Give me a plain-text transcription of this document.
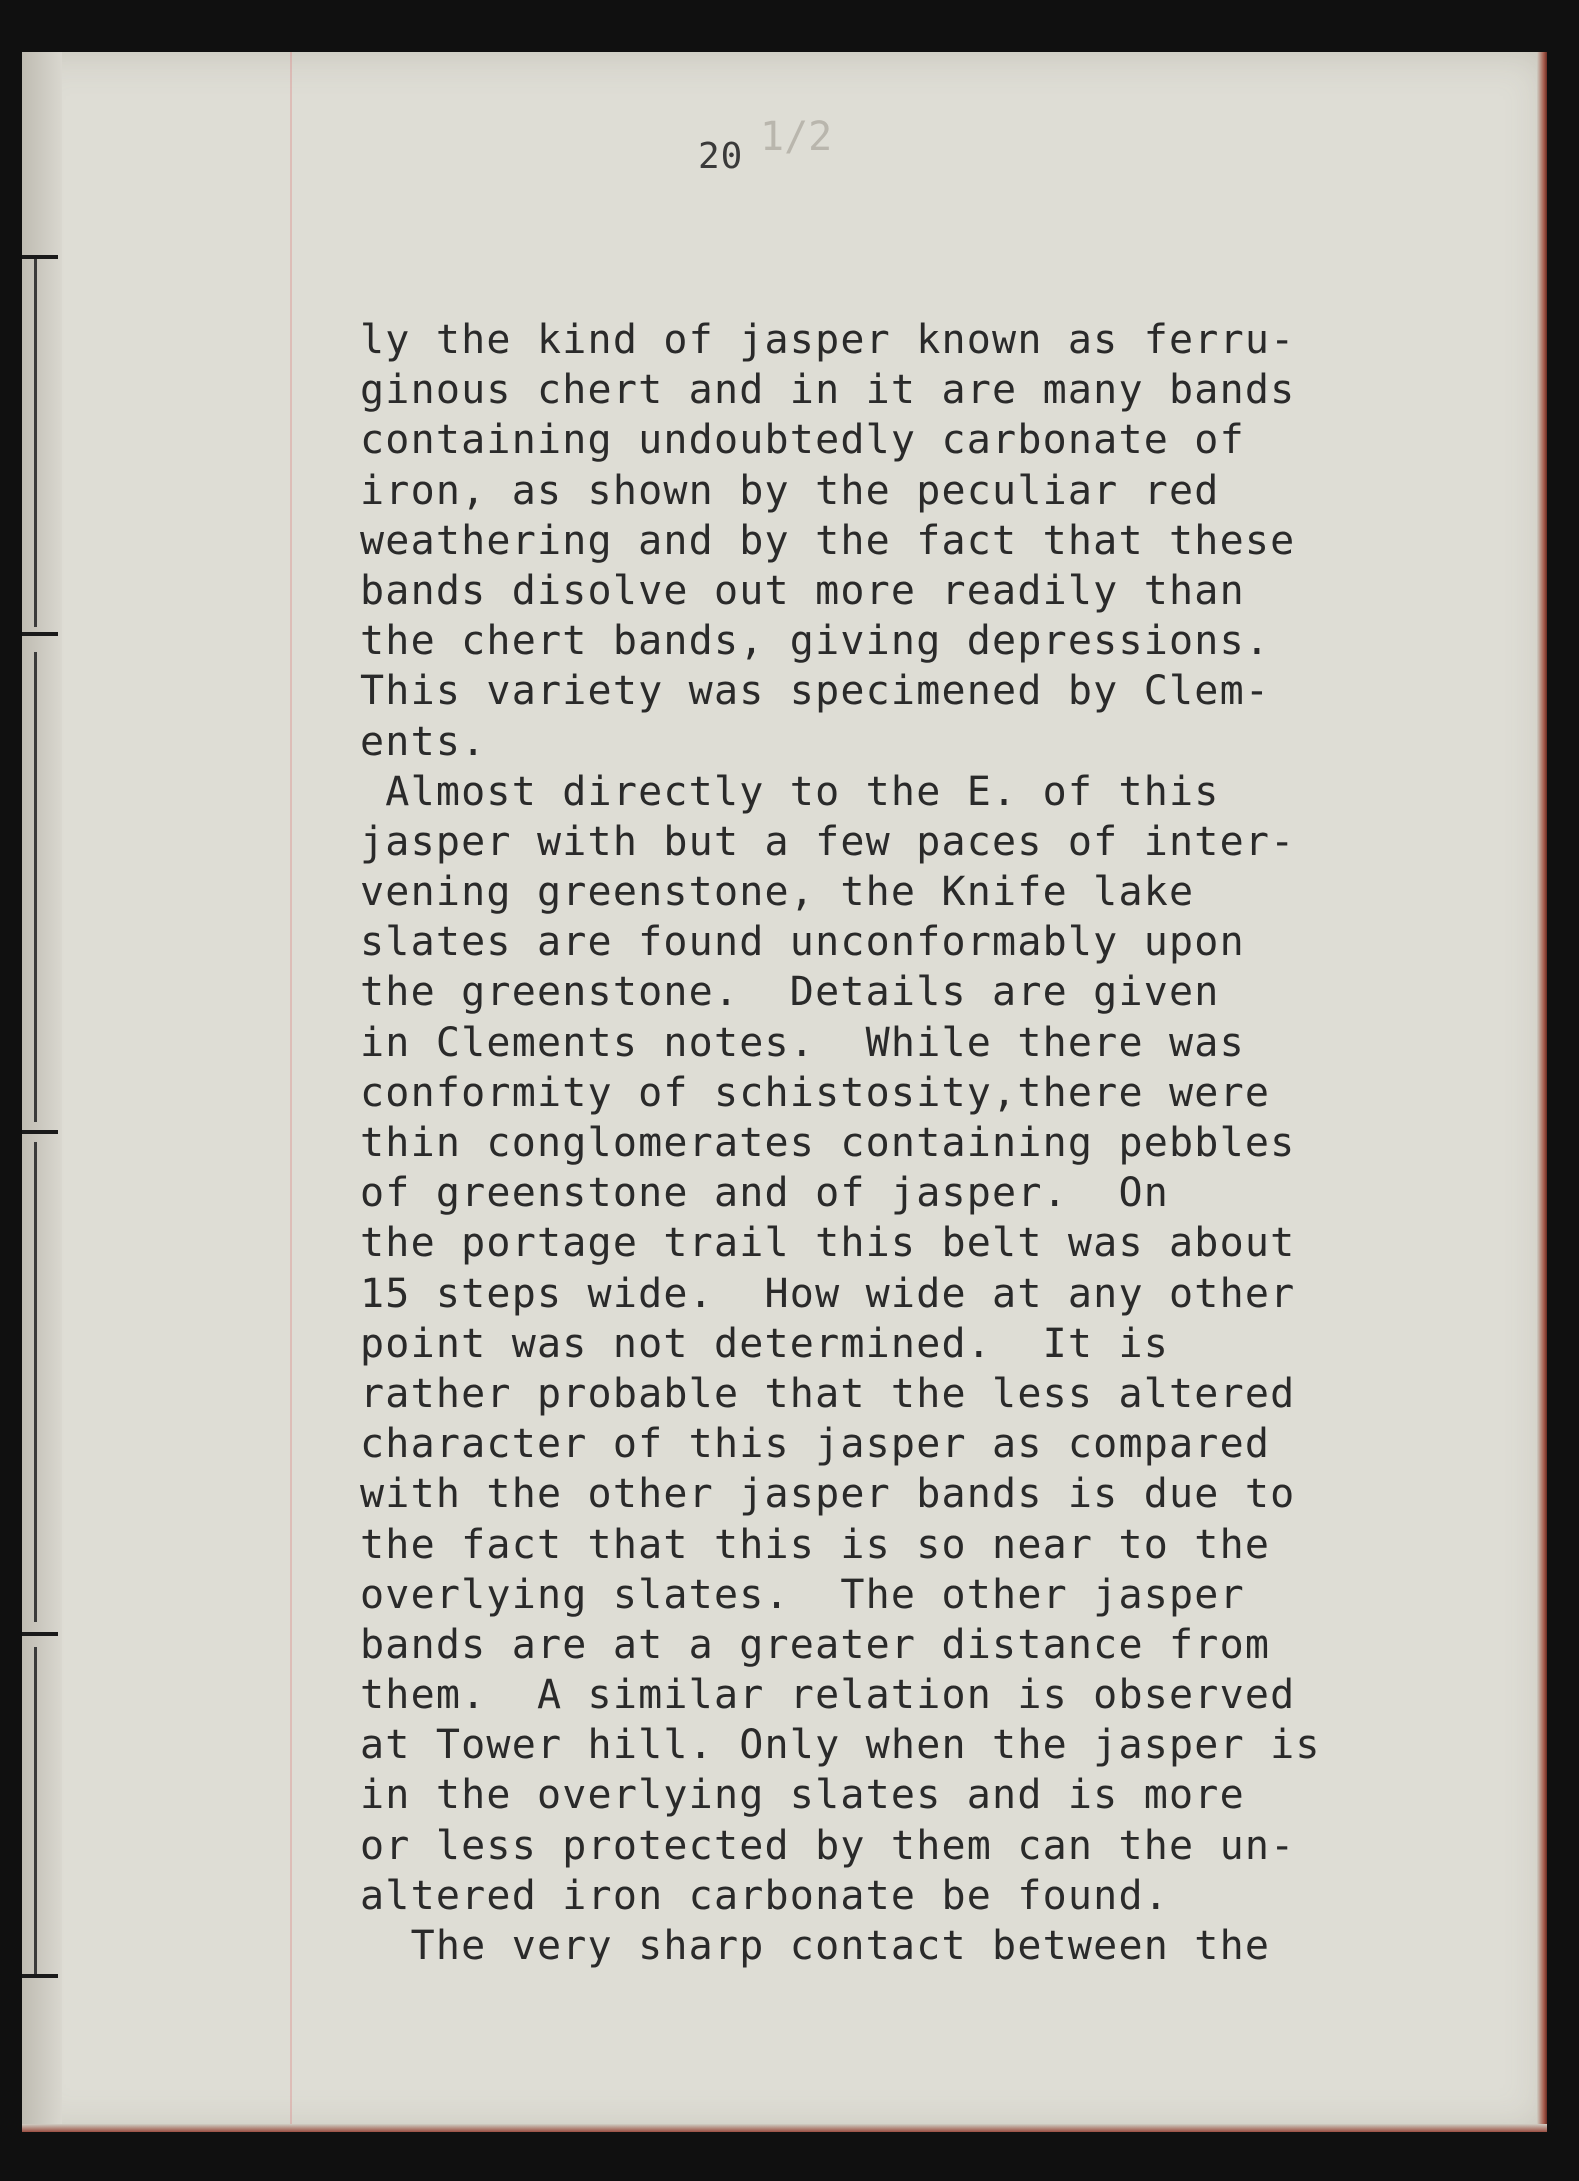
20 1/2
ly the kind of jasper known as ferru-
ginous chert and in it are many bands
containing undoubtedly carbonate of
iron, as shown by the peculiar red
weathering and by the fact that these
bands disolve out more readily than
the chert bands, giving depressions.
This variety was specimened by Clem-
ents.
Almost directly to the E. of this
jasper with but a few paces of inter-
vening greenstone, the Knife lake
slates are found unconformably upon
the greenstone.  Details are given
in Clements notes.  While there was
conformity of schistosity,there were
thin conglomerates containing pebbles
of greenstone and of jasper.  On
the portage trail this belt was about
15 steps wide.  How wide at any other
point was not determined.  It is
rather probable that the less altered
character of this jasper as compared
with the other jasper bands is due to
the fact that this is so near to the
overlying slates.  The other jasper
bands are at a greater distance from
them.  A similar relation is observed
at Tower hill. Only when the jasper is
in the overlying slates and is more
or less protected by them can the un-
altered iron carbonate be found.
The very sharp contact between the
